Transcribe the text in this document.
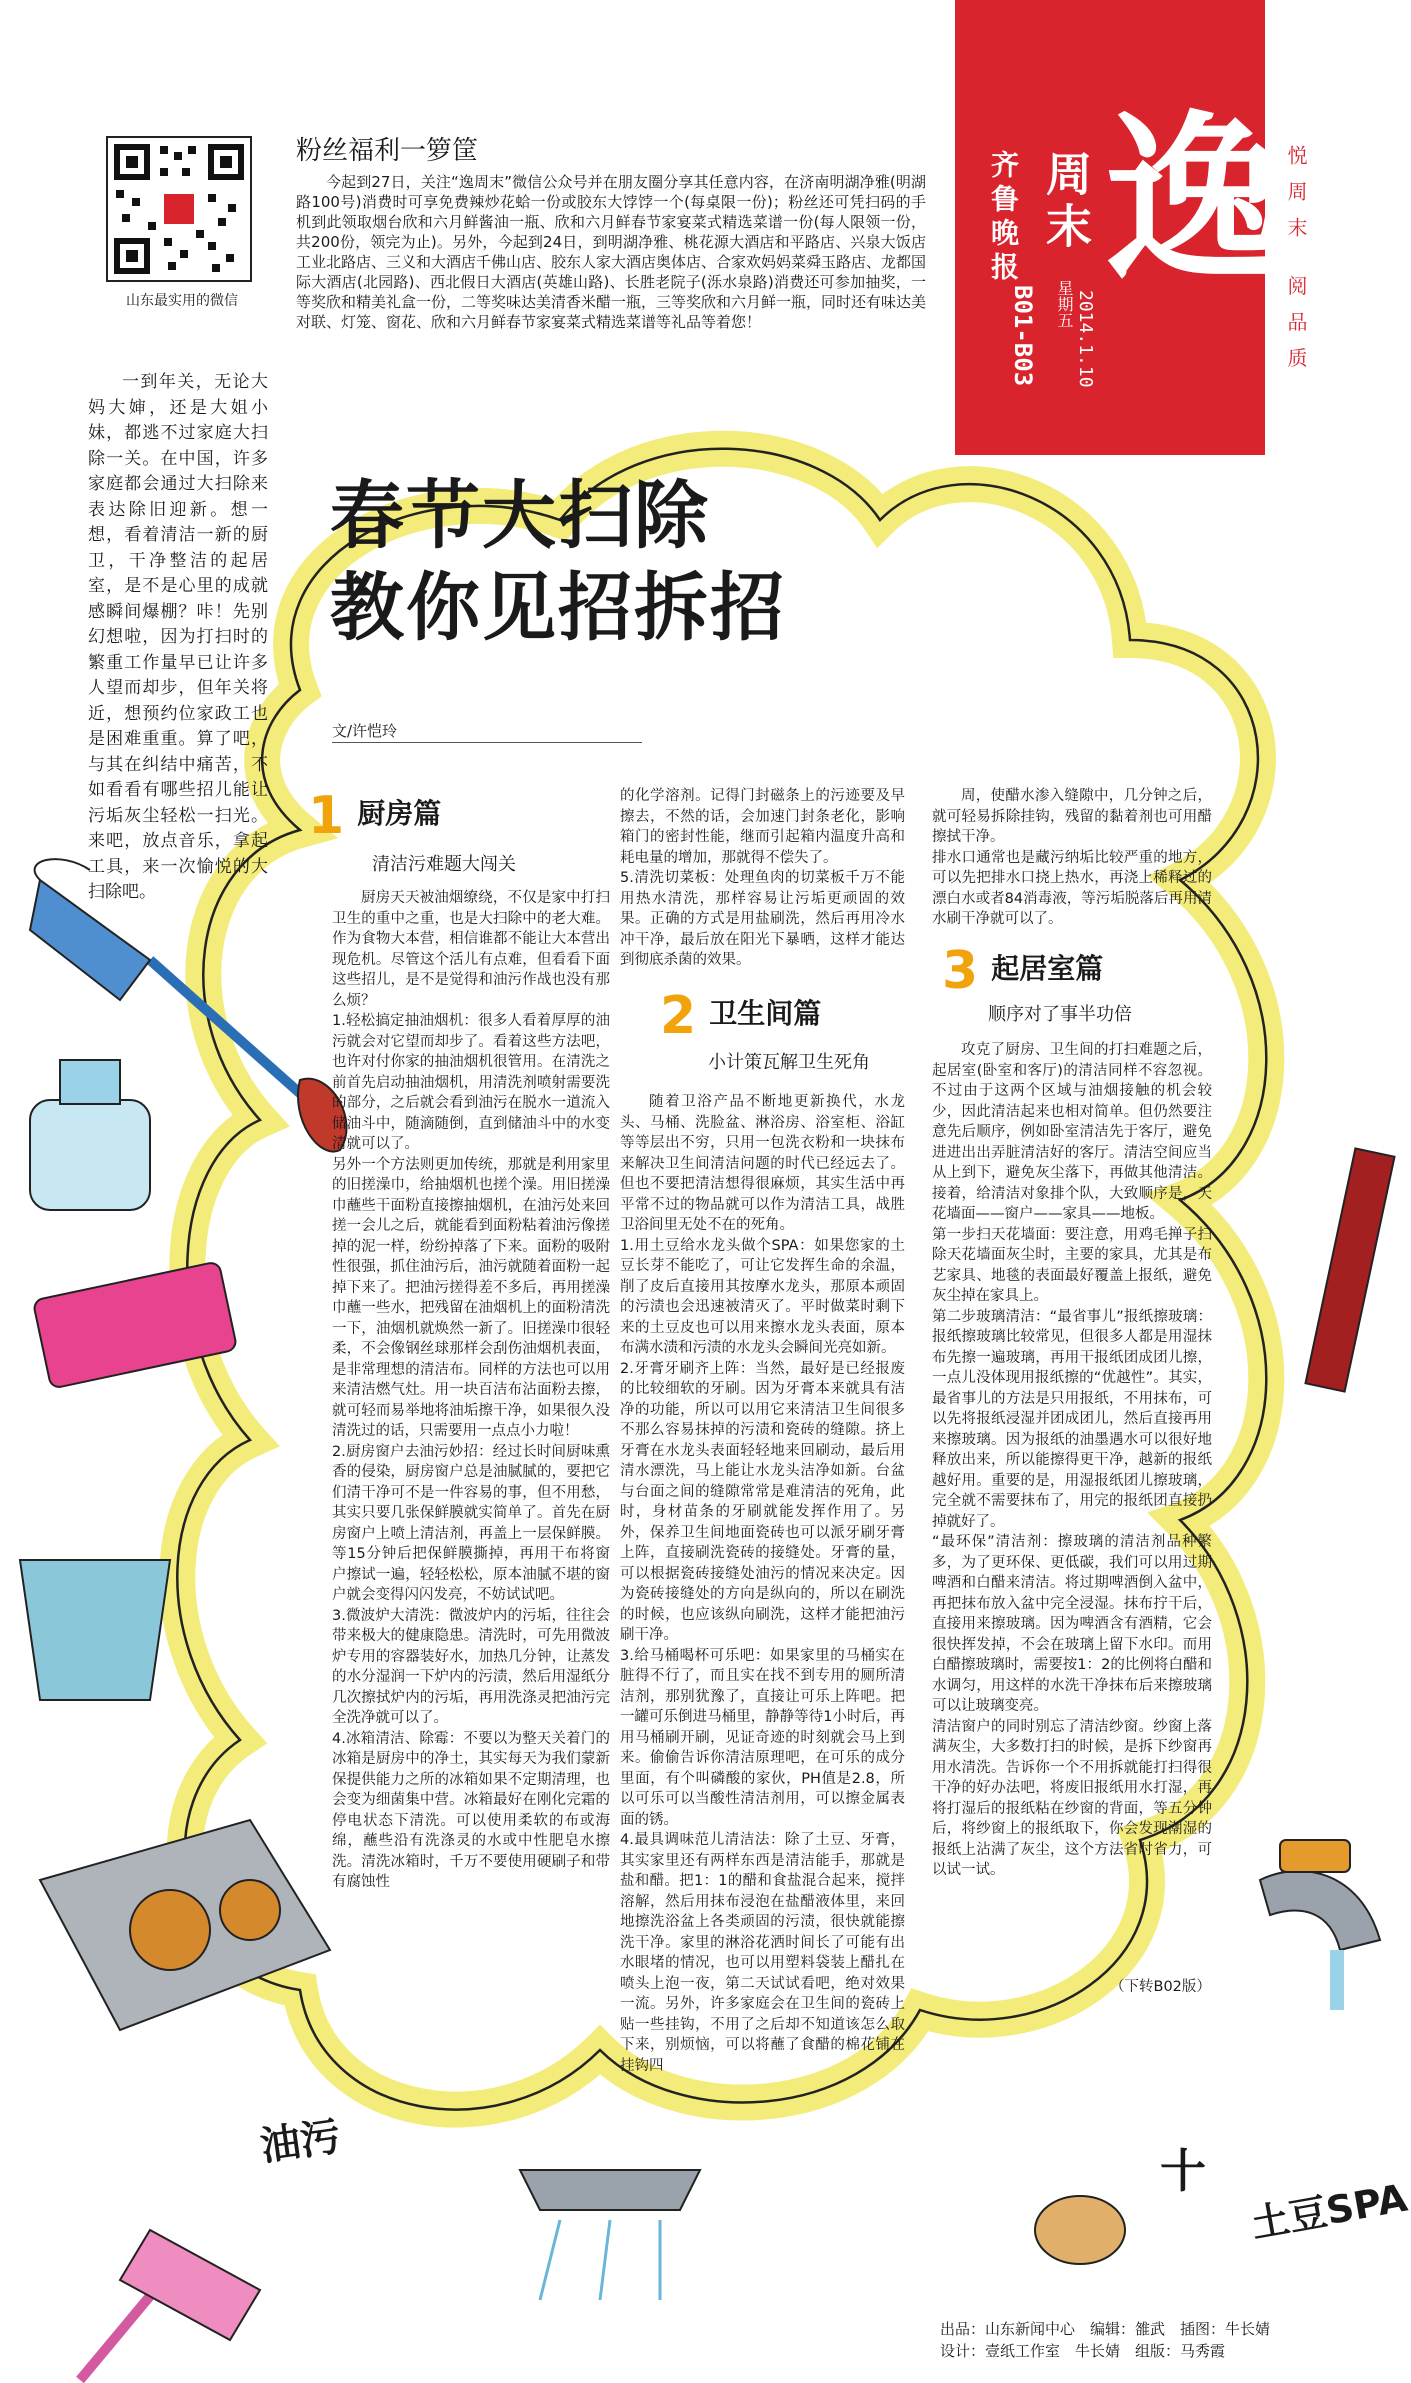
齐鲁晚报 周末
B01-B03 星期五 2014.1.10
逸
悦周末 阅品质
山东最实用的微信
粉丝福利一箩筐
今起到27日，关注“逸周末”微信公众号并在朋友圈分享其任意内容，在济南明湖净雅(明湖路100号)消费时可享免费辣炒花蛤一份或胶东大饽饽一个(每桌限一份)；粉丝还可凭扫码的手机到此领取烟台欣和六月鲜酱油一瓶、欣和六月鲜春节家宴菜式精选菜谱一份(每人限领一份，共200份，领完为止)。另外，今起到24日，到明湖净雅、桃花源大酒店和平路店、兴泉大饭店工业北路店、三义和大酒店千佛山店、胶东人家大酒店奥体店、合家欢妈妈菜舜玉路店、龙都国际大酒店(北园路)、西北假日大酒店(英雄山路)、长胜老院子(泺水泉路)消费还可参加抽奖，一等奖欣和精美礼盒一份，二等奖味达美清香米醋一瓶，三等奖欣和六月鲜一瓶，同时还有味达美对联、灯笼、窗花、欣和六月鲜春节家宴菜式精选菜谱等礼品等着您！
一到年关，无论大妈大婶，还是大姐小妹，都逃不过家庭大扫除一关。在中国，许多家庭都会通过大扫除来表达除旧迎新。想一想，看着清洁一新的厨卫，干净整洁的起居室，是不是心里的成就感瞬间爆棚？咔！先别幻想啦，因为打扫时的繁重工作量早已让许多人望而却步，但年关将近，想预约位家政工也是困难重重。算了吧，与其在纠结中痛苦，不如看看有哪些招儿能让污垢灰尘轻松一扫光。来吧，放点音乐，拿起工具，来一次愉悦的大扫除吧。
春节大扫除
教你见招拆招
文/许恺玲
1 厨房篇
清洁污难题大闯关
厨房天天被油烟缭绕，不仅是家中打扫卫生的重中之重，也是大扫除中的老大难。作为食物大本营，相信谁都不能让大本营出现危机。尽管这个活儿有点难，但看看下面这些招儿，是不是觉得和油污作战也没有那么烦？
1.轻松搞定抽油烟机：很多人看着厚厚的油污就会对它望而却步了。看着这些方法吧，也许对付你家的抽油烟机很管用。在清洗之前首先启动抽油烟机，用清洗剂喷射需要洗的部分，之后就会看到油污在脱水一道流入储油斗中，随滴随倒，直到储油斗中的水变清就可以了。
另外一个方法则更加传统，那就是利用家里的旧搓澡巾，给抽烟机也搓个澡。用旧搓澡巾蘸些干面粉直接擦抽烟机，在油污处来回搓一会儿之后，就能看到面粉粘着油污像搓掉的泥一样，纷纷掉落了下来。面粉的吸附性很强，抓住油污后，油污就随着面粉一起掉下来了。把油污搓得差不多后，再用搓澡巾蘸一些水，把残留在油烟机上的面粉清洗一下，油烟机就焕然一新了。旧搓澡巾很轻柔，不会像钢丝球那样会刮伤油烟机表面，是非常理想的清洁布。同样的方法也可以用来清洁燃气灶。用一块百洁布沾面粉去擦，就可轻而易举地将油垢擦干净，如果很久没清洗过的话，只需要用一点点小力啦！
2.厨房窗户去油污妙招：经过长时间厨味熏香的侵染，厨房窗户总是油腻腻的，要把它们清干净可不是一件容易的事，但不用愁，其实只要几张保鲜膜就实简单了。首先在厨房窗户上喷上清洁剂，再盖上一层保鲜膜。等15分钟后把保鲜膜撕掉，再用干布将窗户擦试一遍，轻轻松松，原本油腻不堪的窗户就会变得闪闪发亮，不妨试试吧。
3.微波炉大清洗：微波炉内的污垢，往往会带来极大的健康隐患。清洗时，可先用微波炉专用的容器装好水，加热几分钟，让蒸发的水分湿润一下炉内的污渍，然后用湿纸分几次擦拭炉内的污垢，再用洗涤灵把油污完全洗净就可以了。
4.冰箱清洁、除霉：不要以为整天关着门的冰箱是厨房中的净土，其实每天为我们蒙新保提供能力之所的冰箱如果不定期清理，也会变为细菌集中营。冰箱最好在刚化完霜的停电状态下清洗。可以使用柔软的布或海绵，蘸些沿有洗涤灵的水或中性肥皂水擦洗。清洗冰箱时，千万不要使用硬刷子和带有腐蚀性
的化学溶剂。记得门封磁条上的污迹要及早擦去，不然的话，会加速门封条老化，影响箱门的密封性能，继而引起箱内温度升高和耗电量的增加，那就得不偿失了。
5.清洗切菜板：处理鱼肉的切菜板千万不能用热水清洗，那样容易让污垢更顽固的效果。正确的方式是用盐刷洗，然后再用冷水冲干净，最后放在阳光下暴晒，这样才能达到彻底杀菌的效果。
2 卫生间篇
小计策瓦解卫生死角
随着卫浴产品不断地更新换代，水龙头、马桶、洗脸盆、淋浴房、浴室柜、浴缸等等层出不穷，只用一包洗衣粉和一块抹布来解决卫生间清洁问题的时代已经远去了。但也不要把清洁想得很麻烦，其实生活中再平常不过的物品就可以作为清洁工具，战胜卫浴间里无处不在的死角。
1.用土豆给水龙头做个SPA：如果您家的土豆长芽不能吃了，可让它发挥生命的余温，削了皮后直接用其按摩水龙头，那原本顽固的污渍也会迅速被清灭了。平时做菜时剩下来的土豆皮也可以用来擦水龙头表面，原本布满水渍和污渍的水龙头会瞬间光亮如新。
2.牙膏牙刷齐上阵：当然，最好是已经报废的比较细软的牙刷。因为牙膏本来就具有洁净的功能，所以可以用它来清洁卫生间很多不那么容易抹掉的污渍和瓷砖的缝隙。挤上牙膏在水龙头表面轻轻地来回刷动，最后用清水漂洗，马上能让水龙头洁净如新。台盆与台面之间的缝隙常常是难清洁的死角，此时，身材苗条的牙刷就能发挥作用了。另外，保养卫生间地面瓷砖也可以派牙刷牙膏上阵，直接刷洗瓷砖的接缝处。牙膏的量，可以根据瓷砖接缝处油污的情况来决定。因为瓷砖接缝处的方向是纵向的，所以在刷洗的时候，也应该纵向刷洗，这样才能把油污刷干净。
3.给马桶喝杯可乐吧：如果家里的马桶实在脏得不行了，而且实在找不到专用的厕所清洁剂，那别犹豫了，直接让可乐上阵吧。把一罐可乐倒进马桶里，静静等待1小时后，再用马桶刷开刷，见证奇迹的时刻就会马上到来。偷偷告诉你清洁原理吧，在可乐的成分里面，有个叫磷酸的家伙，PH值是2.8，所以可乐可以当酸性清洁剂用，可以擦金属表面的锈。
4.最具调味范儿清洁法：除了土豆、牙膏，其实家里还有两样东西是清洁能手，那就是盐和醋。把1：1的醋和食盐混合起来，搅拌溶解，然后用抹布浸泡在盐醋液体里，来回地擦洗浴盆上各类顽固的污渍，很快就能擦洗干净。家里的淋浴花洒时间长了可能有出水眼堵的情况，也可以用塑料袋装上醋扎在喷头上泡一夜，第二天试试看吧，绝对效果一流。另外，许多家庭会在卫生间的瓷砖上贴一些挂钩，不用了之后却不知道该怎么取下来，别烦恼，可以将蘸了食醋的棉花铺在挂钩四
周，使醋水渗入缝隙中，几分钟之后，就可轻易拆除挂钩，残留的黏着剂也可用醋擦拭干净。
排水口通常也是藏污纳垢比较严重的地方，可以先把排水口挠上热水，再浇上稀释过的漂白水或者84消毒液，等污垢脱落后再用清水刷干净就可以了。
3 起居室篇
顺序对了事半功倍
攻克了厨房、卫生间的打扫难题之后，起居室(卧室和客厅)的清洁同样不容忽视。不过由于这两个区域与油烟接触的机会较少，因此清洁起来也相对简单。但仍然要注意先后顺序，例如卧室清洁先于客厅，避免进进出出弄脏清洁好的客厅。清洁空间应当从上到下，避免灰尘落下，再做其他清洁。接着，给清洁对象排个队，大致顺序是，天花墙面——窗户——家具——地板。
第一步扫天花墙面：要注意，用鸡毛掸子扫除天花墙面灰尘时，主要的家具，尤其是布艺家具、地毯的表面最好覆盖上报纸，避免灰尘掉在家具上。
第二步玻璃清洁：“最省事儿”报纸擦玻璃：报纸擦玻璃比较常见，但很多人都是用湿抹布先擦一遍玻璃，再用干报纸团成团儿擦，一点儿没体现用报纸擦的“优越性”。其实，最省事儿的方法是只用报纸，不用抹布，可以先将报纸浸湿并团成团儿，然后直接再用来擦玻璃。因为报纸的油墨遇水可以很好地释放出来，所以能擦得更干净，越新的报纸越好用。重要的是，用湿报纸团儿擦玻璃，完全就不需要抹布了，用完的报纸团直接扔掉就好了。
“最环保”清洁剂：擦玻璃的清洁剂品种繁多，为了更环保、更低碳，我们可以用过期啤酒和白醋来清洁。将过期啤酒倒入盆中，再把抹布放入盆中完全浸湿。抹布拧干后，直接用来擦玻璃。因为啤酒含有酒精，它会很快挥发掉，不会在玻璃上留下水印。而用白醋擦玻璃时，需要按1：2的比例将白醋和水调匀，用这样的水洗干净抹布后来擦玻璃可以让玻璃变亮。
清洁窗户的同时别忘了清洁纱窗。纱窗上落满灰尘，大多数打扫的时候，是拆下纱窗再用水清洗。告诉你一个不用拆就能打扫得很干净的好办法吧，将废旧报纸用水打湿，再将打湿后的报纸粘在纱窗的背面，等五分钟后，将纱窗上的报纸取下，你会发现潮湿的报纸上沾满了灰尘，这个方法省时省力，可以试一试。
（下转B02版）
油污
土豆SPA
十
出品：山东新闻中心　编辑：雒武　插图：牛长婧
设计：壹纸工作室　牛长婧　组版：马秀霞
